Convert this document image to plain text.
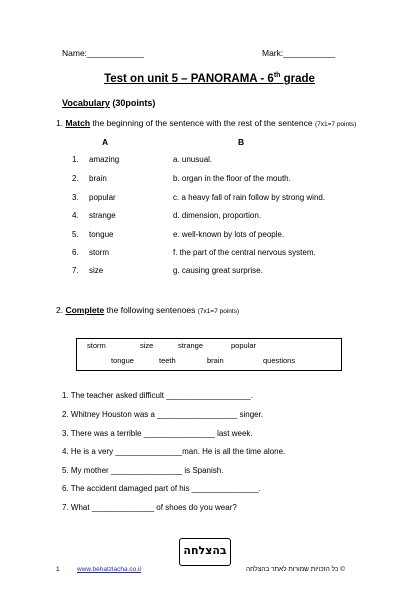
Name:____________	Mark:___________
Test on unit 5 – PANORAMA - 6th grade
Vocabulary (30points)
1. Match the beginning of the sentence with the rest of the sentence (7x1=7 points)
A	B
1. amazing	a. unusual.
2. brain	b. organ in the floor of the mouth.
3. popular	c. a heavy fall of rain follow by strong wind.
4. strange	d. dimension, proportion.
5. tongue	e. well-known by lots of people.
6. storm	f. the part of the central nervous system.
7. size	g. causing great surprise.
2. Complete the following sentenoes (7x1=7 points)
storm	size	strange	popular
tongue	teeth	brain	questions
1. The teacher asked difficult ___________________.
2. Whitney Houston was a __________________ singer.
3. There was a terrible ________________ last week.
4. He is a very _______________man. He is all the time alone.
5. My mother ________________ is Spanish.
6. The accident damaged part of his _______________.
7. What ______________ of shoes do you wear?
בהצלחה
1	www.behatzlacha.co.il	© כל הזכויות שמורות לאתר בהצלחה
